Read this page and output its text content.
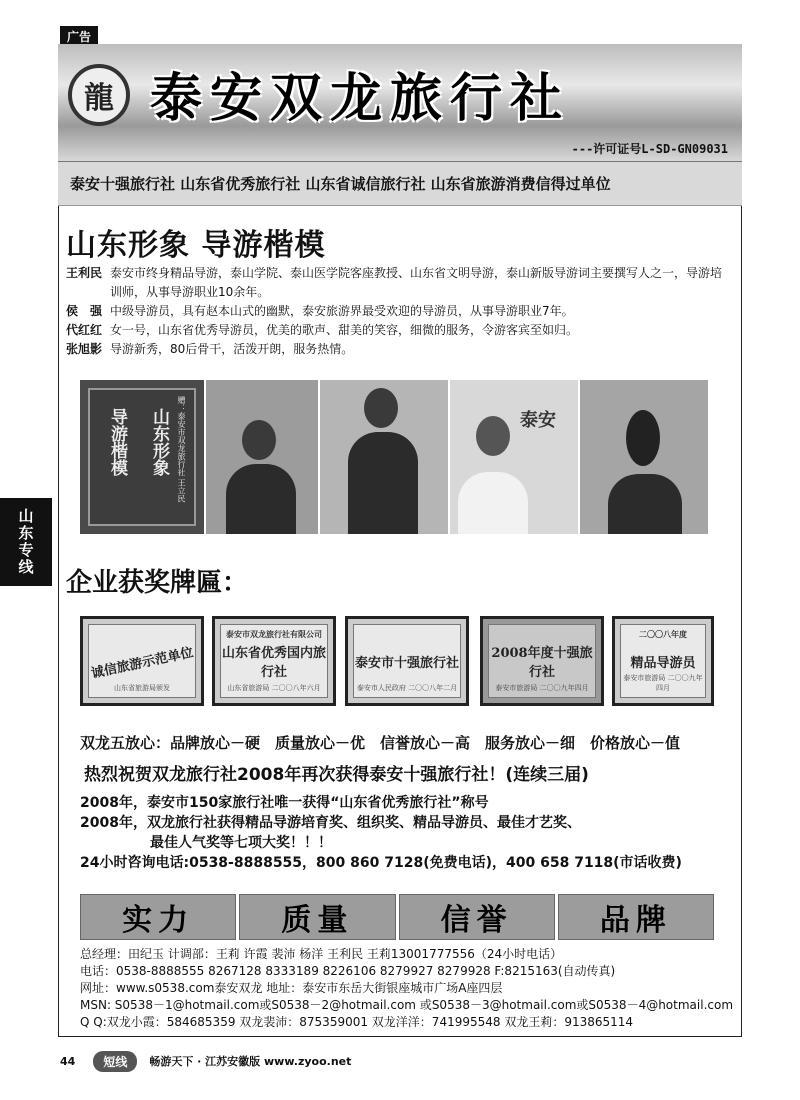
广告
龍 泰安双龙旅行社
---许可证号L-SD-GN09031
泰安十强旅行社 山东省优秀旅行社 山东省诚信旅行社 山东省旅游消费信得过单位
山东专线
山东形象 导游楷模
王利民 泰安市终身精品导游，泰山学院、泰山医学院客座教授、山东省文明导游，泰山新版导游词主要撰写人之一，导游培训师，从事导游职业10余年。
侯　强 中级导游员，具有赵本山式的幽默，泰安旅游界最受欢迎的导游员，从事导游职业7年。
代红红 女一号，山东省优秀导游员，优美的歌声、甜美的笑容，细微的服务，令游客宾至如归。
张旭影 导游新秀，80后骨干，活泼开朗，服务热情。
导游楷模 山东形象	赠：泰安市双龙旅行社 王立民	泰安
企业获奖牌匾：
诚信旅游示范单位
山东省旅游局颁发
泰安市双龙旅行社有限公司
山东省优秀国内旅行社
山东省旅游局 二〇〇八年六月
泰安市十强旅行社
泰安市人民政府 二〇〇八年二月
2008年度十强旅行社
泰安市旅游局 二〇〇九年四月
二〇〇八年度
精品导游员
泰安市旅游局 二〇〇九年四月
双龙五放心：品牌放心－硬　质量放心－优　信誉放心－高　服务放心－细　价格放心－值
热烈祝贺双龙旅行社2008年再次获得泰安十强旅行社！(连续三届)
2008年，泰安市150家旅行社唯一获得“山东省优秀旅行社”称号
2008年，双龙旅行社获得精品导游培育奖、组织奖、精品导游员、最佳才艺奖、
最佳人气奖等七项大奖！！！
24小时咨询电话:0538-8888555，800 860 7128(免费电话)，400 658 7118(市话收费)
实力	质量	信誉	品牌
总经理：田纪玉 计调部：王莉 许霞 裴沛 杨洋 王利民 王莉13001777556（24小时电话）
电话：0538-8888555 8267128 8333189 8226106 8279927 8279928 F:8215163(自动传真)
网址：www.s0538.com泰安双龙 地址：泰安市东岳大街银座城市广场A座四层
MSN: S0538－1@hotmail.com或S0538－2@hotmail.com 或S0538－3@hotmail.com或S0538－4@hotmail.com
Q Q:双龙小霞：584685359 双龙裴沛：875359001 双龙洋洋：741995548 双龙王莉：913865114
44	短线	畅游天下 · 江苏安徽版 www.zyoo.net
